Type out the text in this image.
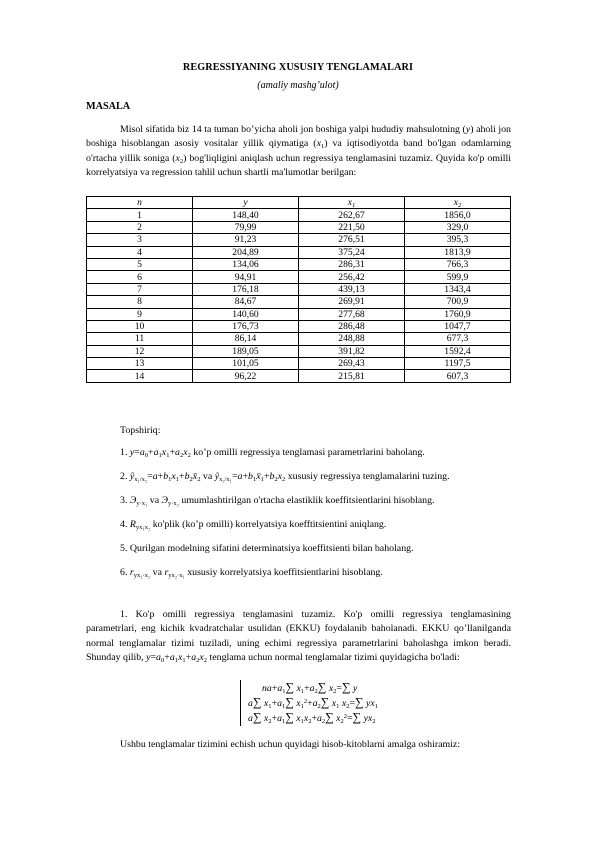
REGRESSIYANING XUSUSIY TENGLAMALARI
(amaliy mashg’ulot)
MASALA

Misol sifatida biz 14 ta tuman bo’yicha aholi jon boshiga yalpi hududiy mahsulotning (y) aholi jon boshiga hisoblangan asosiy vositalar yillik qiymatiga $(x_1)$ va iqtisodiyotda band bo'lgan odamlarning o'rtacha yillik soniga $(x_2)$ bog'liqligini aniqlash uchun regressiya tenglamasini tuzamiz. Quyida ko'p omilli korrelyatsiya va regression tahlil uchun shartli ma'lumotlar berilgan:

n	y	$x_1$	$x_2$
1	148,40	262,67	1856,0
2	79,99	221,50	329,0
3	91,23	276,51	395,3
4	204,89	375,24	1813,9
5	134,06	286,31	766,3
6	94,91	256,42	599,9
7	176,18	439,13	1343,4
8	84,67	269,91	700,9
9	140,60	277,68	1760,9
10	176,73	286,48	1047,7
11	86,14	248,88	677,3
12	189,05	391,82	1592,4
13	101,05	269,43	1197,5
14	96,22	215,81	607,3
Topshiriq:
1. $y=a_0+a_1x_1+a_2x_2$ ko’p omilli regressiya tenglamasi parametrlarini baholang.
2. $ŷ_{x_1/x_2}=a+b_1x_1+b_2x̄_2$ va $ŷ_{x_2/x_1}=a+b_1x̄_1+b_2x_2$ xususiy regressiya tenglamalarini tuzing.
3. $Э_{y\cdot x_1}$ va $Э_{y\cdot x_2}$ umumlashtirilgan o'rtacha elastiklik koeffitsientlarini hisoblang.
4. $R_{yx_1x_2}$ ko'plik (ko’p omilli) korrelyatsiya koefftitsientini aniqlang.
5. Qurilgan modelning sifatini determinatsiya koeffitsienti bilan baholang.
6. $r_{yx_1\cdot x_2}$ va $r_{yx_2\cdot x_1}$ xususiy korrelyatsiya koeffitsientlarini hisoblang.

1. Ko'p omilli regressiya tenglamasini tuzamiz. Ko'p omilli regressiya tenglamasining parametrlari, eng kichik kvadratchalar usulidan (EKKU) foydalanib baholanadi. EKKU qo’llanilganda normal tenglamalar tizimi tuziladi, uning echimi regressiya parametrlarini baholashga imkon beradi. Shunday qilib, $y=a_0+a_1x_1+a_2x_2$ tenglama uchun normal tenglamalar tizimi quyidagicha bo'ladi:

$na+a_1\sum$ $x_1+a_2\sum$ $x_2=\sum$ y
a∑ $x_1+a_1\sum$ $x_1^2+a_2\sum$ $x_1$ $x_2=\sum$ $yx_1$
a∑ $x_2+a_1\sum$ $x_1x_2+a_2\sum$ $x_2^2=\sum$ $yx_2$

Ushbu tenglamalar tizimini echish uchun quyidagi hisob-kitoblarni amalga oshiramiz:
